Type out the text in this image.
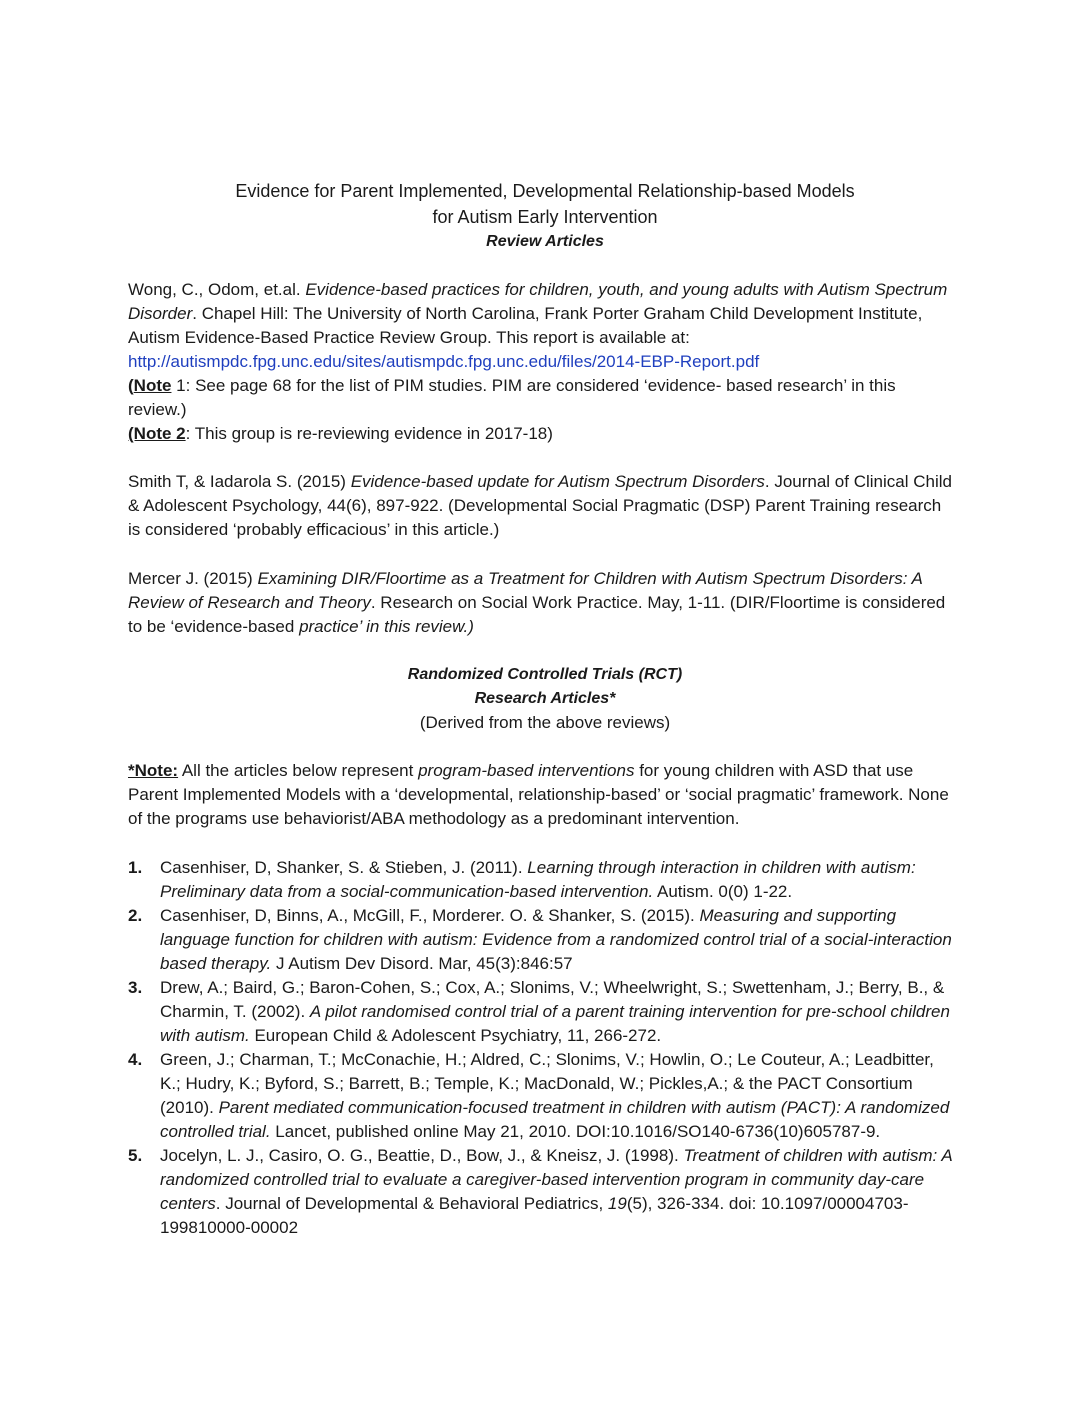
Evidence for Parent Implemented, Developmental Relationship-based Models
for Autism Early Intervention
Review Articles
Wong, C., Odom, et.al. Evidence-based practices for children, youth, and young adults with Autism Spectrum Disorder. Chapel Hill: The University of North Carolina, Frank Porter Graham Child Development Institute, Autism Evidence-Based Practice Review Group. This report is available at:
http://autismpdc.fpg.unc.edu/sites/autismpdc.fpg.unc.edu/files/2014-EBP-Report.pdf
(Note 1: See page 68 for the list of PIM studies. PIM are considered ‘evidence- based research’ in this review.)
(Note 2: This group is re-reviewing evidence in 2017-18)
Smith T, & Iadarola S. (2015) Evidence-based update for Autism Spectrum Disorders. Journal of Clinical Child & Adolescent Psychology, 44(6), 897-922. (Developmental Social Pragmatic (DSP) Parent Training research is considered ‘probably efficacious’ in this article.)
Mercer J. (2015) Examining DIR/Floortime as a Treatment for Children with Autism Spectrum Disorders: A Review of Research and Theory. Research on Social Work Practice. May, 1-11. (DIR/Floortime is considered to be ‘evidence-based practice’ in this review.)
Randomized Controlled Trials (RCT)
Research Articles*
(Derived from the above reviews)
*Note: All the articles below represent program-based interventions for young children with ASD that use Parent Implemented Models with a ‘developmental, relationship-based’ or ‘social pragmatic’ framework. None of the programs use behaviorist/ABA methodology as a predominant intervention.
1. Casenhiser, D, Shanker, S. & Stieben, J. (2011). Learning through interaction in children with autism: Preliminary data from a social-communication-based intervention. Autism. 0(0) 1-22.
2. Casenhiser, D, Binns, A., McGill, F., Morderer. O. & Shanker, S. (2015). Measuring and supporting language function for children with autism: Evidence from a randomized control trial of a social-interaction based therapy. J Autism Dev Disord. Mar, 45(3):846:57
3. Drew, A.; Baird, G.; Baron-Cohen, S.; Cox, A.; Slonims, V.; Wheelwright, S.; Swettenham, J.; Berry, B., & Charmin, T. (2002). A pilot randomised control trial of a parent training intervention for pre-school children with autism. European Child & Adolescent Psychiatry, 11, 266-272.
4. Green, J.; Charman, T.; McConachie, H.; Aldred, C.; Slonims, V.; Howlin, O.; Le Couteur, A.; Leadbitter, K.; Hudry, K.; Byford, S.; Barrett, B.; Temple, K.; MacDonald, W.; Pickles,A.; & the PACT Consortium (2010). Parent mediated communication-focused treatment in children with autism (PACT): A randomized controlled trial. Lancet, published online May 21, 2010. DOI:10.1016/SO140-6736(10)605787-9.
5. Jocelyn, L. J., Casiro, O. G., Beattie, D., Bow, J., & Kneisz, J. (1998). Treatment of children with autism: A randomized controlled trial to evaluate a caregiver-based intervention program in community day-care centers. Journal of Developmental & Behavioral Pediatrics, 19(5), 326-334. doi: 10.1097/00004703-199810000-00002
